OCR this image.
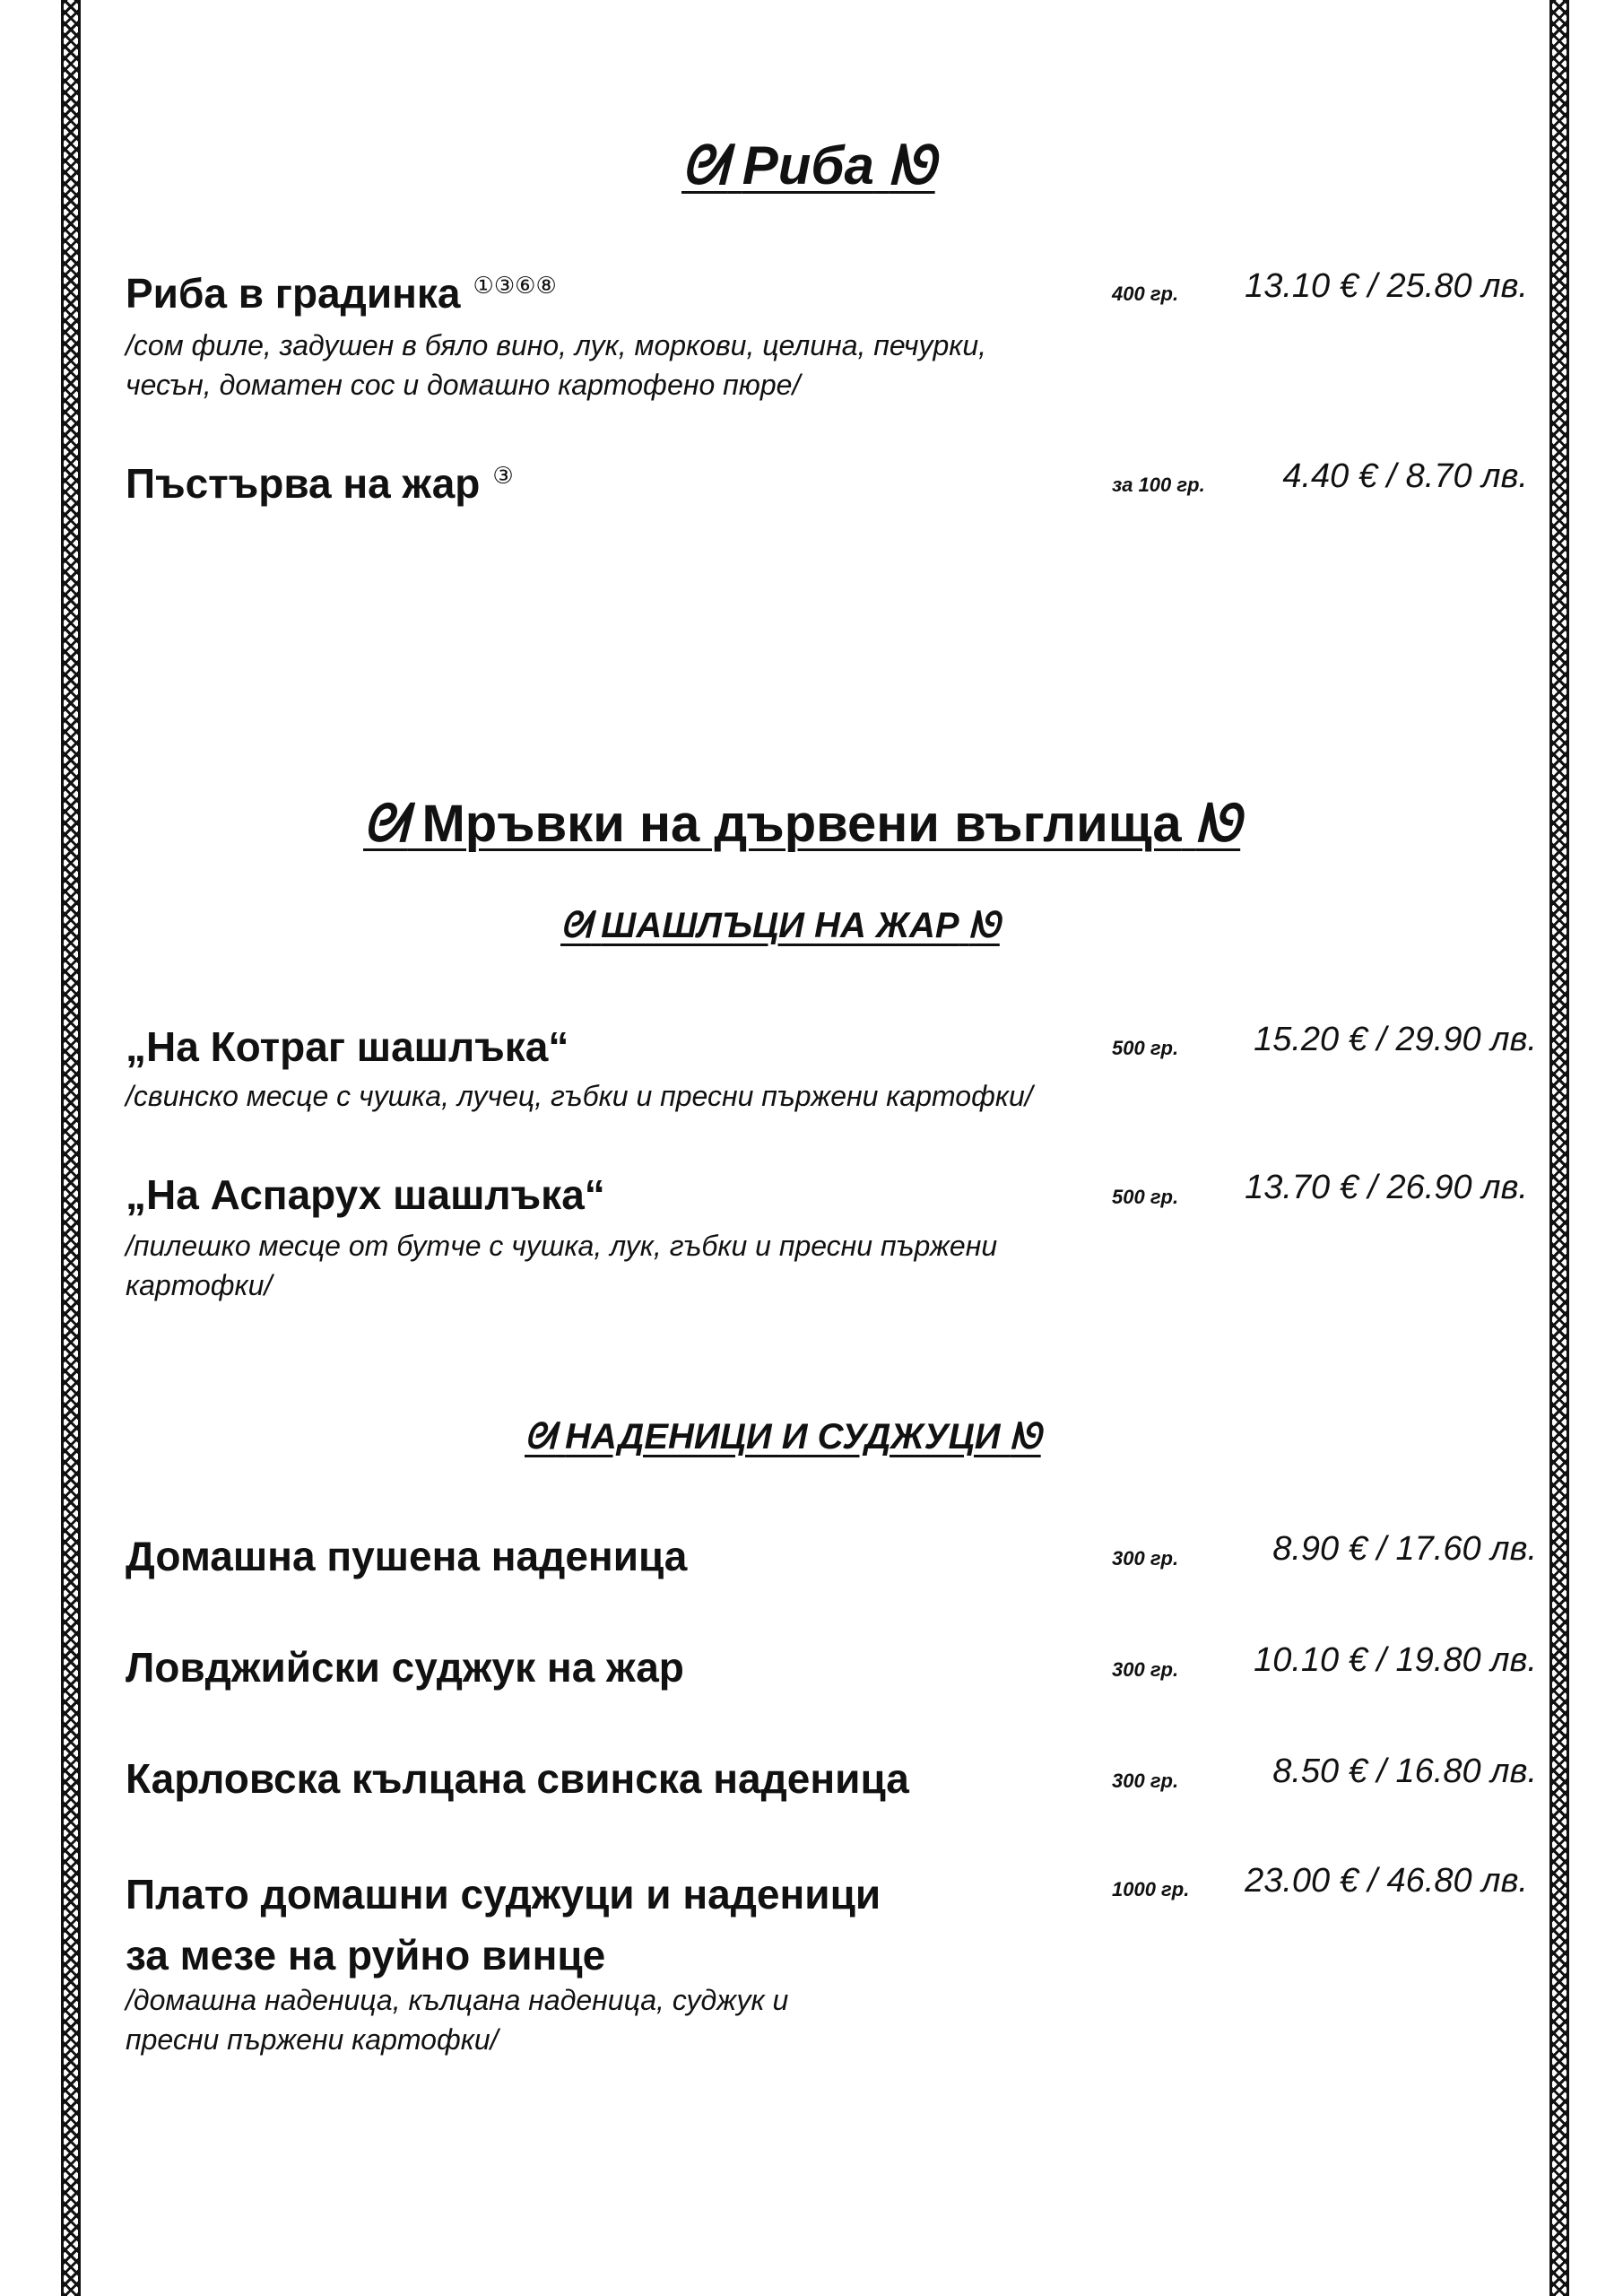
ᘛ Риба ᘚ
Риба в градинка ①③⑥⑧	400 гр. 13.10 € / 25.80 лв.
/сом филе, задушен в бяло вино, лук, моркови, целина, печурки,
чесън, доматен сос и домашно картофено пюре/
Пъстърва на жар ③	за 100 гр. 4.40 € / 8.70 лв.
ᘛ Мръвки на дървени въглища ᘚ
ᘛ ШАШЛЪЦИ НА ЖАР ᘚ
„На Котраг шашлъка“	500 гр. 15.20 € / 29.90 лв.
/свинско месце с чушка, лучец, гъбки и пресни пържени картофки/
„На Аспарух шашлъка“	500 гр. 13.70 € / 26.90 лв.
/пилешко месце от бутче с чушка, лук, гъбки и пресни пържени
картофки/
ᘛ НАДЕНИЦИ И СУДЖУЦИ ᘚ
Домашна пушена наденица	300 гр.	8.90 € / 17.60 лв.
Ловджийски суджук на жар	300 гр. 10.10 € / 19.80 лв.
Карловска кълцана свинска наденица	300 гр.	8.50 € / 16.80 лв.
Плато домашни суджуци и наденици
за мезе на руйно винце
1000 гр. 23.00 € / 46.80 лв.
/домашна наденица, кълцана наденица, суджук и
пресни пържени картофки/
